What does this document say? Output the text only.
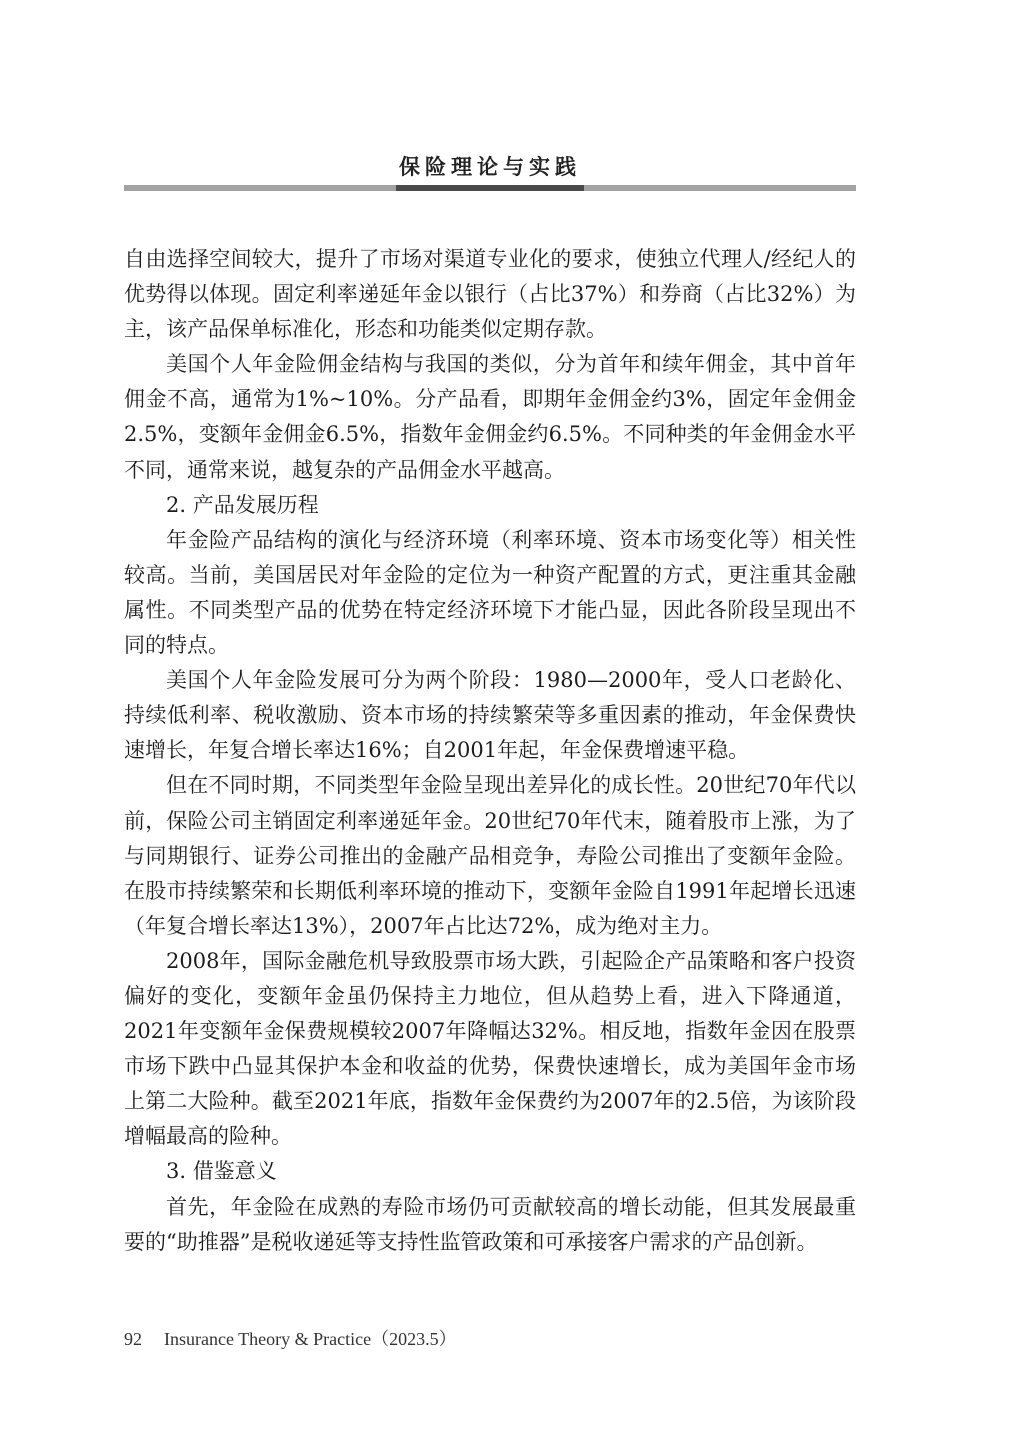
保险理论与实践

自由选择空间较大，提升了市场对渠道专业化的要求，使独立代理人/经纪人的优势得以体现。固定利率递延年金以银行（占比37%）和券商（占比32%）为主，该产品保单标准化，形态和功能类似定期存款。

美国个人年金险佣金结构与我国的类似，分为首年和续年佣金，其中首年佣金不高，通常为1%~10%。分产品看，即期年金佣金约3%，固定年金佣金2.5%，变额年金佣金6.5%，指数年金佣金约6.5%。不同种类的年金佣金水平不同，通常来说，越复杂的产品佣金水平越高。

2. 产品发展历程

年金险产品结构的演化与经济环境（利率环境、资本市场变化等）相关性较高。当前，美国居民对年金险的定位为一种资产配置的方式，更注重其金融属性。不同类型产品的优势在特定经济环境下才能凸显，因此各阶段呈现出不同的特点。

美国个人年金险发展可分为两个阶段：1980—2000年，受人口老龄化、持续低利率、税收激励、资本市场的持续繁荣等多重因素的推动，年金保费快速增长，年复合增长率达16%；自2001年起，年金保费增速平稳。

但在不同时期，不同类型年金险呈现出差异化的成长性。20世纪70年代以前，保险公司主销固定利率递延年金。20世纪70年代末，随着股市上涨，为了与同期银行、证券公司推出的金融产品相竞争，寿险公司推出了变额年金险。在股市持续繁荣和长期低利率环境的推动下，变额年金险自1991年起增长迅速（年复合增长率达13%），2007年占比达72%，成为绝对主力。

2008年，国际金融危机导致股票市场大跌，引起险企产品策略和客户投资偏好的变化，变额年金虽仍保持主力地位，但从趋势上看，进入下降通道，2021年变额年金保费规模较2007年降幅达32%。相反地，指数年金因在股票市场下跌中凸显其保护本金和收益的优势，保费快速增长，成为美国年金市场上第二大险种。截至2021年底，指数年金保费约为2007年的2.5倍，为该阶段增幅最高的险种。

3. 借鉴意义

首先，年金险在成熟的寿险市场仍可贡献较高的增长动能，但其发展最重要的“助推器”是税收递延等支持性监管政策和可承接客户需求的产品创新。

92 Insurance Theory & Practice（2023.5）
